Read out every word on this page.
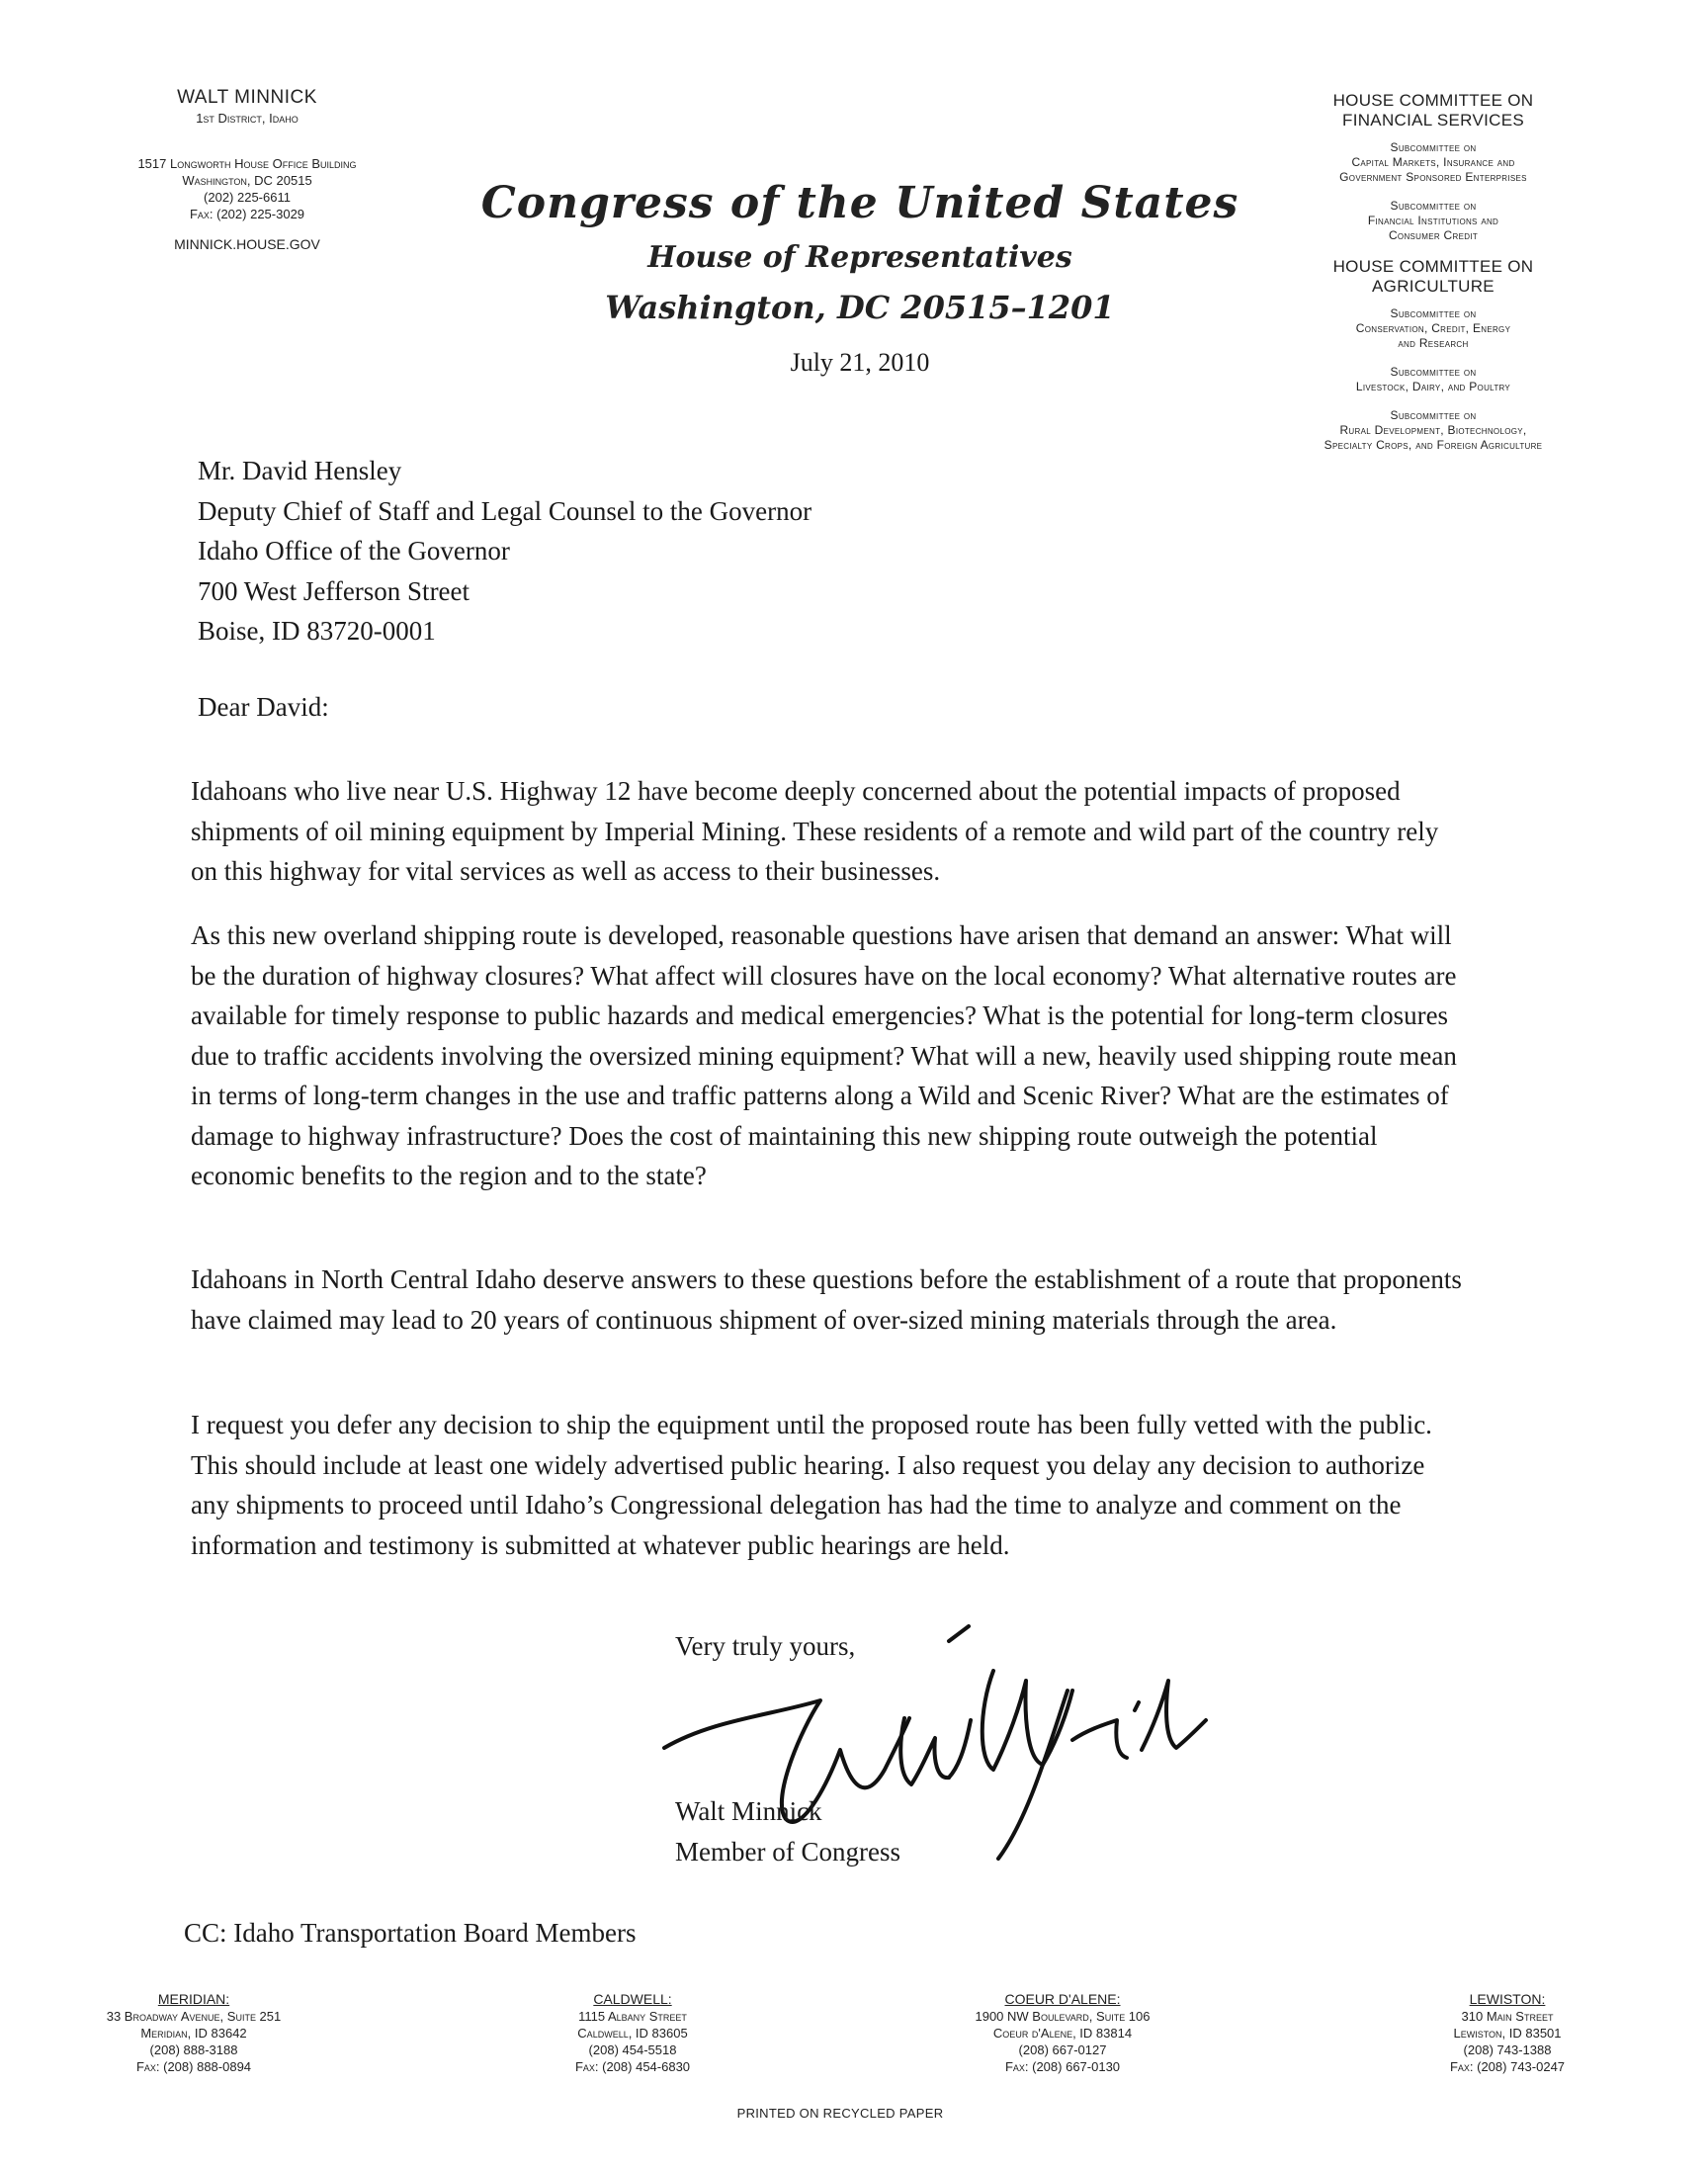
WALT MINNICK
1st District, Idaho
1517 Longworth House Office Building
Washington, DC 20515
(202) 225-6611
Fax: (202) 225-3029
MINNICK.HOUSE.GOV
Congress of the United States
House of Representatives
Washington, DC 20515–1201
July 21, 2010
HOUSE COMMITTEE ON
FINANCIAL SERVICES
Subcommittee on
Capital Markets, Insurance and
Government Sponsored Enterprises
Subcommittee on
Financial Institutions and
Consumer Credit
HOUSE COMMITTEE ON
AGRICULTURE
Subcommittee on
Conservation, Credit, Energy
and Research
Subcommittee on
Livestock, Dairy, and Poultry
Subcommittee on
Rural Development, Biotechnology,
Specialty Crops, and Foreign Agriculture
Mr. David Hensley
Deputy Chief of Staff and Legal Counsel to the Governor
Idaho Office of the Governor
700 West Jefferson Street
Boise, ID 83720-0001
Dear David:
Idahoans who live near U.S. Highway 12 have become deeply concerned about the potential impacts of proposed shipments of oil mining equipment by Imperial Mining. These residents of a remote and wild part of the country rely on this highway for vital services as well as access to their businesses.
As this new overland shipping route is developed, reasonable questions have arisen that demand an answer: What will be the duration of highway closures? What affect will closures have on the local economy? What alternative routes are available for timely response to public hazards and medical emergencies? What is the potential for long-term closures due to traffic accidents involving the oversized mining equipment? What will a new, heavily used shipping route mean in terms of long-term changes in the use and traffic patterns along a Wild and Scenic River? What are the estimates of damage to highway infrastructure? Does the cost of maintaining this new shipping route outweigh the potential economic benefits to the region and to the state?
Idahoans in North Central Idaho deserve answers to these questions before the establishment of a route that proponents have claimed may lead to 20 years of continuous shipment of over-sized mining materials through the area.
I request you defer any decision to ship the equipment until the proposed route has been fully vetted with the public. This should include at least one widely advertised public hearing. I also request you delay any decision to authorize any shipments to proceed until Idaho’s Congressional delegation has had the time to analyze and comment on the information and testimony is submitted at whatever public hearings are held.
Very truly yours,
Walt Minnick
Member of Congress
CC: Idaho Transportation Board Members
MERIDIAN:
33 Broadway Avenue, Suite 251
Meridian, ID 83642
(208) 888-3188
Fax: (208) 888-0894
CALDWELL:
1115 Albany Street
Caldwell, ID 83605
(208) 454-5518
Fax: (208) 454-6830
COEUR D'ALENE:
1900 NW Boulevard, Suite 106
Coeur d'Alene, ID 83814
(208) 667-0127
Fax: (208) 667-0130
LEWISTON:
310 Main Street
Lewiston, ID 83501
(208) 743-1388
Fax: (208) 743-0247
PRINTED ON RECYCLED PAPER
